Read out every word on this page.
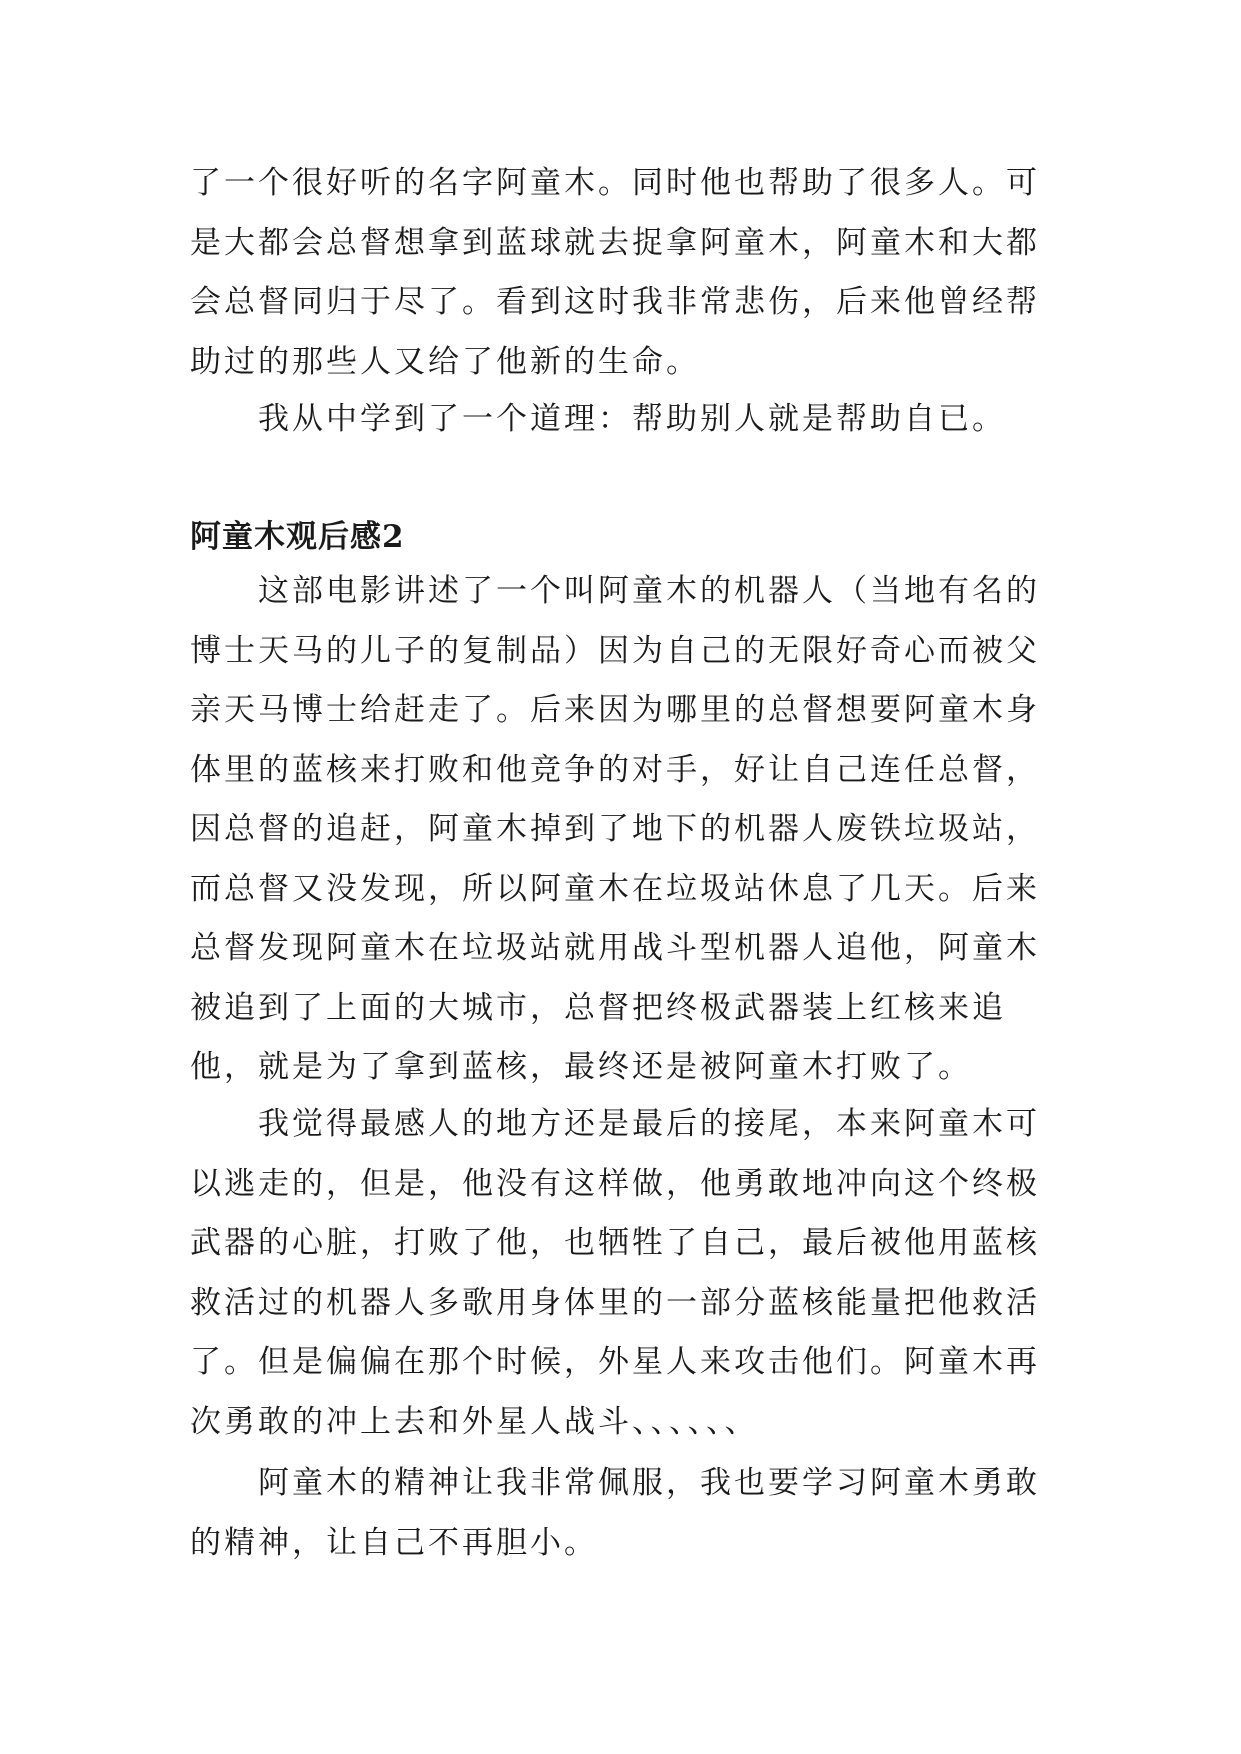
了一个很好听的名字阿童木。同时他也帮助了很多人。可是大都会总督想拿到蓝球就去捉拿阿童木，阿童木和大都会总督同归于尽了。看到这时我非常悲伤，后来他曾经帮助过的那些人又给了他新的生命。

我从中学到了一个道理：帮助别人就是帮助自已。

阿童木观后感2

这部电影讲述了一个叫阿童木的机器人（当地有名的博士天马的儿子的复制品）因为自己的无限好奇心而被父亲天马博士给赶走了。后来因为哪里的总督想要阿童木身体里的蓝核来打败和他竞争的对手，好让自己连任总督，因总督的追赶，阿童木掉到了地下的机器人废铁垃圾站，而总督又没发现，所以阿童木在垃圾站休息了几天。后来总督发现阿童木在垃圾站就用战斗型机器人追他，阿童木被追到了上面的大城市，总督把终极武器装上红核来追他，就是为了拿到蓝核，最终还是被阿童木打败了。

我觉得最感人的地方还是最后的接尾，本来阿童木可以逃走的，但是，他没有这样做，他勇敢地冲向这个终极武器的心脏，打败了他，也牺牲了自己，最后被他用蓝核救活过的机器人多歌用身体里的一部分蓝核能量把他救活了。但是偏偏在那个时候，外星人来攻击他们。阿童木再次勇敢的冲上去和外星人战斗、、、、、、

阿童木的精神让我非常佩服，我也要学习阿童木勇敢的精神，让自己不再胆小。
